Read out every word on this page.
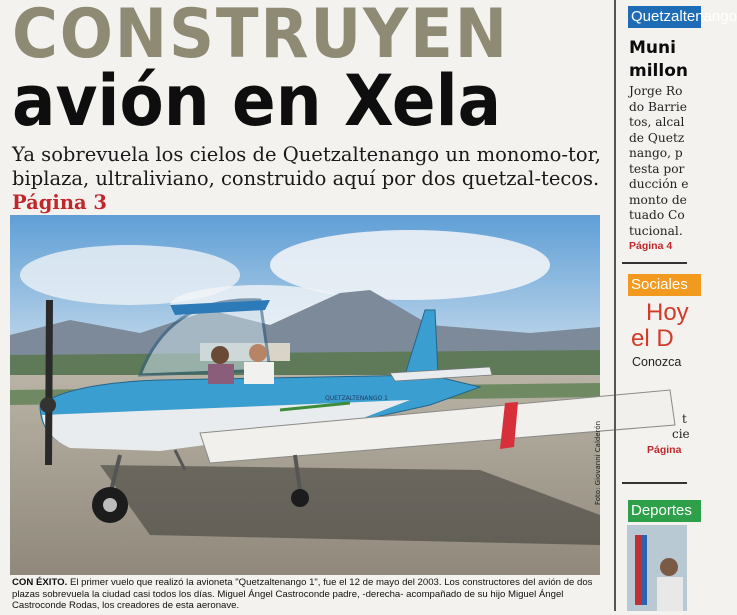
CONSTRUYEN
avión en Xela

Ya sobrevuela los cielos de Quetzaltenango un monomo-tor, biplaza, ultraliviano, construido aquí por dos quetzal-tecos. Página 3

QUETZALTENANGO 1
Foto: Giovanni Calderón

CON ÉXITO. El primer vuelo que realizó la avioneta "Quetzaltenango 1", fue el 12 de mayo del 2003. Los constructores del avión de dos plazas sobrevuela la ciudad casi todos los días. Miguel Ángel Castroconde padre, -derecha- acompañado de su hijo Miguel Ángel Castroconde Rodas, los creadores de esta aeronave.

Quetzaltenango
Muni
millon
Jorge Ro
do Barrie
tos, alcal
de Quetz
nango, p
testa por
ducción e
monto de
tuado Co
tucional.
Página 4
Sociales
Hoy
el D
Conozca
t
cie
Página
Deportes
